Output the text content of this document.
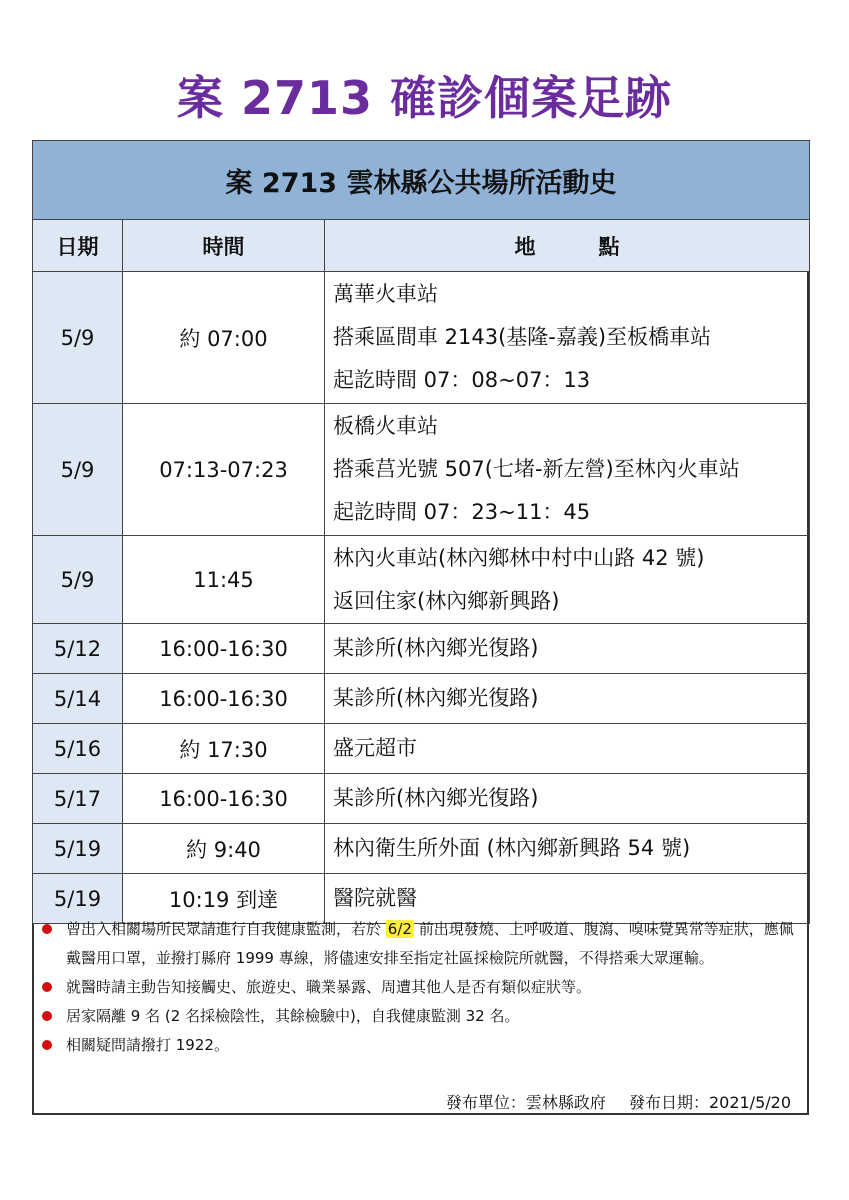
案 2713 確診個案足跡
案 2713 雲林縣公共場所活動史		
日期	時間	地　　　點
5/9	約 07:00	萬華火車站
搭乘區間車 2143(基隆-嘉義)至板橋車站
起訖時間 07：08~07：13

5/9	07:13-07:23	板橋火車站
搭乘莒光號 507(七堵-新左營)至林內火車站
起訖時間 07：23~11：45

5/9	11:45	林內火車站(林內鄉林中村中山路 42 號)
返回住家(林內鄉新興路)

5/12	16:00-16:30	某診所(林內鄉光復路)

5/14	16:00-16:30	某診所(林內鄉光復路)

5/16	約 17:30	盛元超市

5/17	16:00-16:30	某診所(林內鄉光復路)

5/19	約 9:40	林內衛生所外面 (林內鄉新興路 54 號)

5/19	10:19 到達	醫院就醫
曾出入相關場所民眾請進行自我健康監測，若於 6/2 前出現發燒、上呼吸道、腹瀉、嗅味覺異常等症狀，應佩戴醫用口罩，並撥打縣府 1999 專線，將儘速安排至指定社區採檢院所就醫，不得搭乘大眾運輸。
就醫時請主動告知接觸史、旅遊史、職業暴露、周遭其他人是否有類似症狀等。
居家隔離 9 名 (2 名採檢陰性，其餘檢驗中)，自我健康監測 32 名。
相關疑問請撥打 1922。
發布單位：雲林縣政府 發布日期：2021/5/20
